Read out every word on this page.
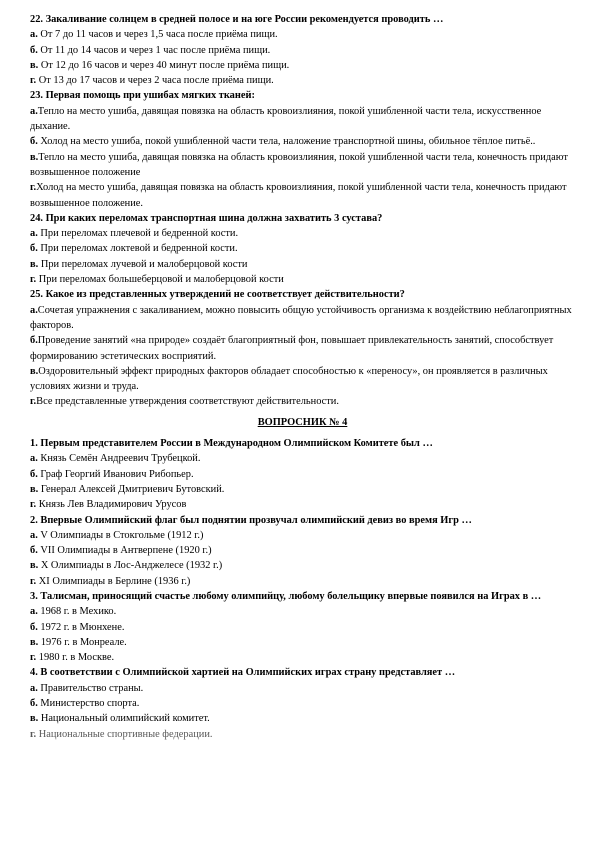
22. Закаливание солнцем в средней полосе и на юге России рекомендуется проводить …
а. От 7 до 11 часов и через 1,5 часа после приёма пищи.
б. От 11 до 14 часов и через 1 час после приёма пищи.
в. От 12 до 16 часов и через 40 минут после приёма пищи.
г. От 13 до 17 часов и через 2 часа после приёма пищи.
23. Первая помощь при ушибах мягких тканей:
а.Тепло на место ушиба, давящая повязка на область кровоизлияния, покой ушибленной части тела, искусственное дыхание.
б. Холод на место ушиба, покой ушибленной части тела, наложение транспортной шины, обильное тёплое питьё..
в.Тепло на место ушиба, давящая повязка на область кровоизлияния, покой ушибленной части тела, конечность придают возвышенное положение
г.Холод на место ушиба, давящая повязка на область кровоизлияния, покой ушибленной части тела, конечность придают возвышенное положение.
24. При каких переломах транспортная шина должна захватить 3 сустава?
а. При переломах плечевой и бедренной кости.
б. При переломах локтевой и бедренной кости.
в. При переломах лучевой и малоберцовой кости
г. При переломах большеберцовой и малоберцовой кости
25. Какое из представленных утверждений не соответствует действительности?
а.Сочетая упражнения с закаливанием, можно повысить общую устойчивость организма к воздействию неблагоприятных факторов.
б.Проведение занятий «на природе» создаёт благоприятный фон, повышает привлекательность занятий, способствует формированию эстетических восприятий.
в.Оздоровительный эффект природных факторов обладает способностью к «переносу», он проявляется в различных условиях жизни и труда.
г.Все представленные утверждения соответствуют действительности.
ВОПРОСНИК № 4
1. Первым представителем России в Международном Олимпийском Комитете был …
а. Князь Семён Андреевич Трубецкой.
б. Граф Георгий Иванович Рибопьер.
в. Генерал Алексей Дмитриевич Бутовский.
г. Князь Лев Владимирович Урусов
2. Впервые Олимпийский флаг был поднятии прозвучал олимпийский девиз во время Игр …
а. V Олимпиады в Стокгольме (1912 г.)
б. VII Олимпиады в Антверпене (1920 г.)
в. X Олимпиады в Лос-Анджелесе (1932 г.)
г. XI Олимпиады в Берлине (1936 г.)
3. Талисман, приносящий счастье любому олимпийцу, любому болельщику впервые появился на Играх в …
а. 1968 г. в Мехико.
б. 1972 г. в Мюнхене.
в. 1976 г. в Монреале.
г. 1980 г. в Москве.
4. В соответствии с Олимпийской хартией на Олимпийских играх страну представляет …
а. Правительство страны.
б. Министерство спорта.
в. Национальный олимпийский комитет.
г. Национальные спортивные федерации.
